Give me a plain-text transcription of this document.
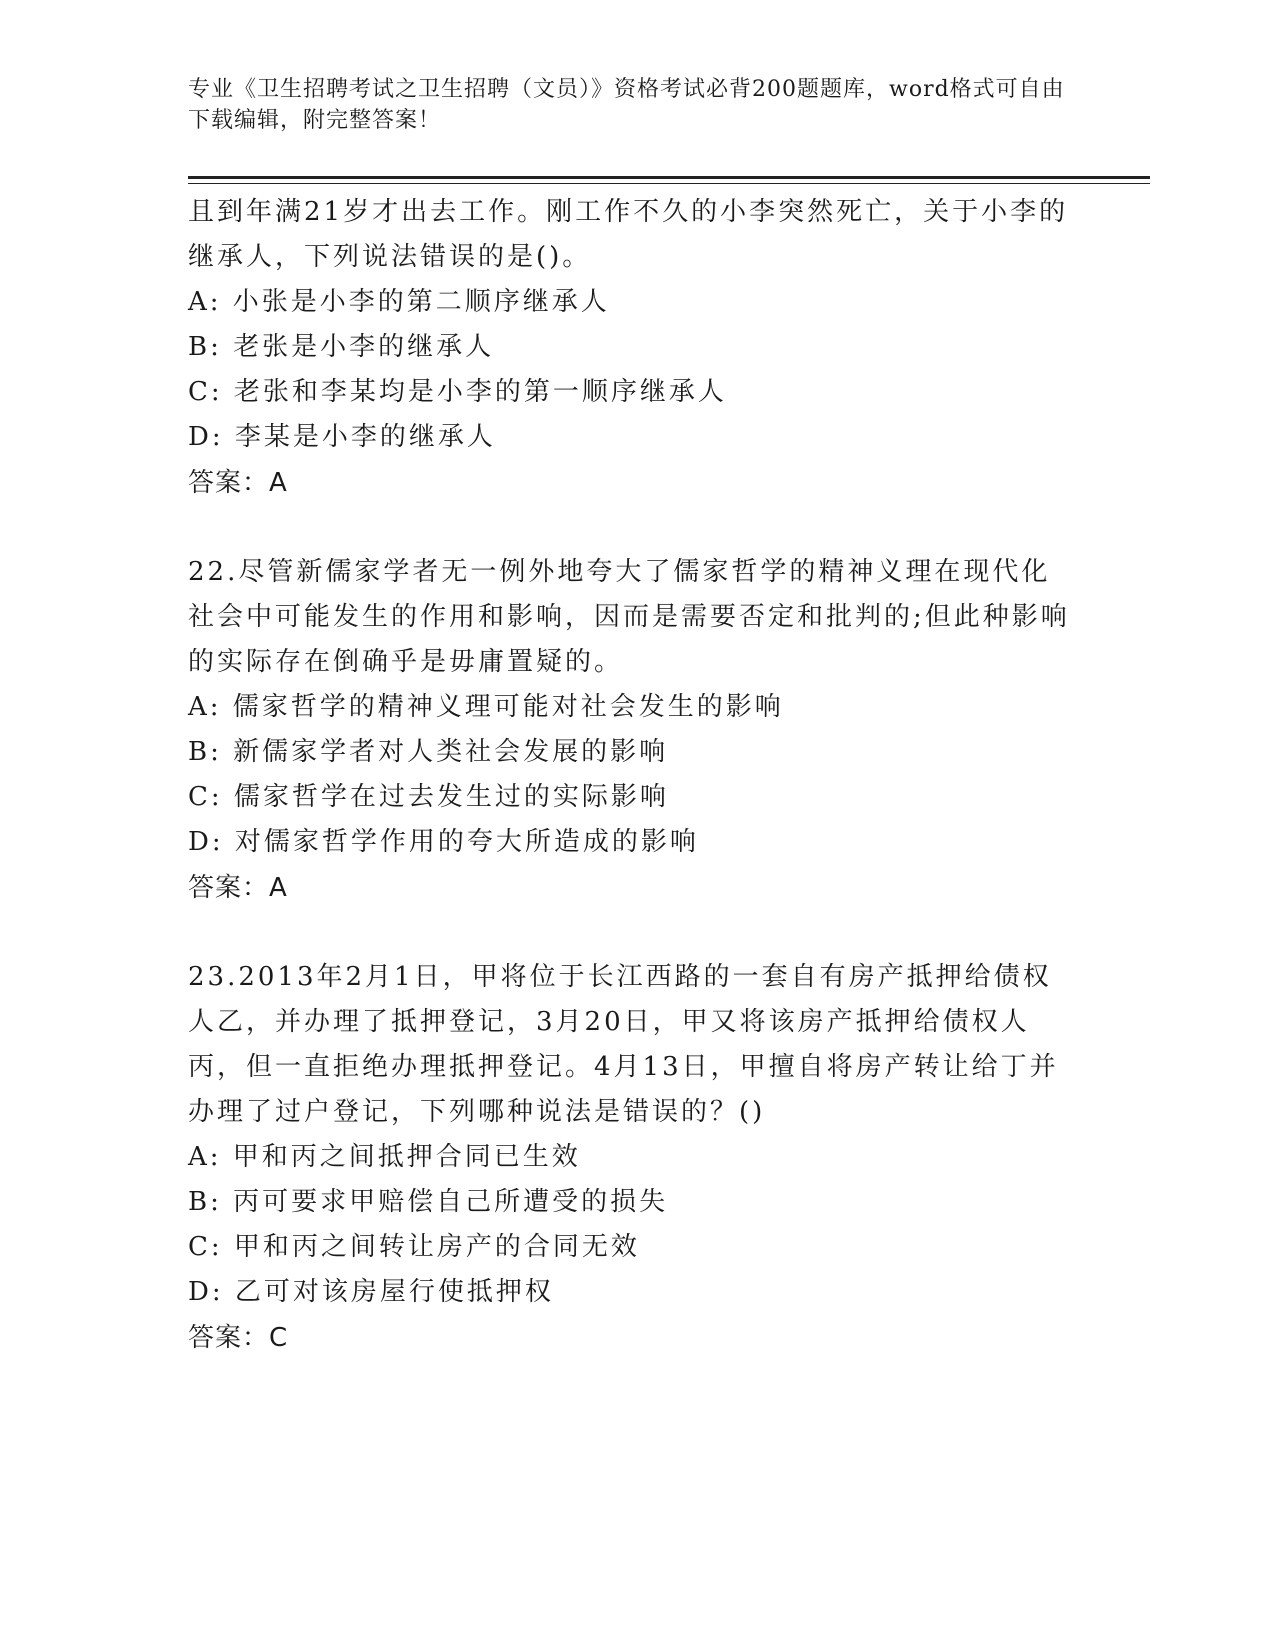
专业《卫生招聘考试之卫生招聘（文员）》资格考试必背200题题库，word格式可自由下载编辑，附完整答案！

且到年满21岁才出去工作。刚工作不久的小李突然死亡，关于小李的继承人，下列说法错误的是()。

A: 小张是小李的第二顺序继承人

B: 老张是小李的继承人

C: 老张和李某均是小李的第一顺序继承人

D: 李某是小李的继承人

答案：A

22.尽管新儒家学者无一例外地夸大了儒家哲学的精神义理在现代化社会中可能发生的作用和影响，因而是需要否定和批判的;但此种影响的实际存在倒确乎是毋庸置疑的。

A: 儒家哲学的精神义理可能对社会发生的影响

B: 新儒家学者对人类社会发展的影响

C: 儒家哲学在过去发生过的实际影响

D: 对儒家哲学作用的夸大所造成的影响

答案：A

23.2013年2月1日，甲将位于长江西路的一套自有房产抵押给债权人乙，并办理了抵押登记，3月20日，甲又将该房产抵押给债权人丙，但一直拒绝办理抵押登记。4月13日，甲擅自将房产转让给丁并办理了过户登记，下列哪种说法是错误的？()

A: 甲和丙之间抵押合同已生效

B: 丙可要求甲赔偿自己所遭受的损失

C: 甲和丙之间转让房产的合同无效

D: 乙可对该房屋行使抵押权

答案：C
